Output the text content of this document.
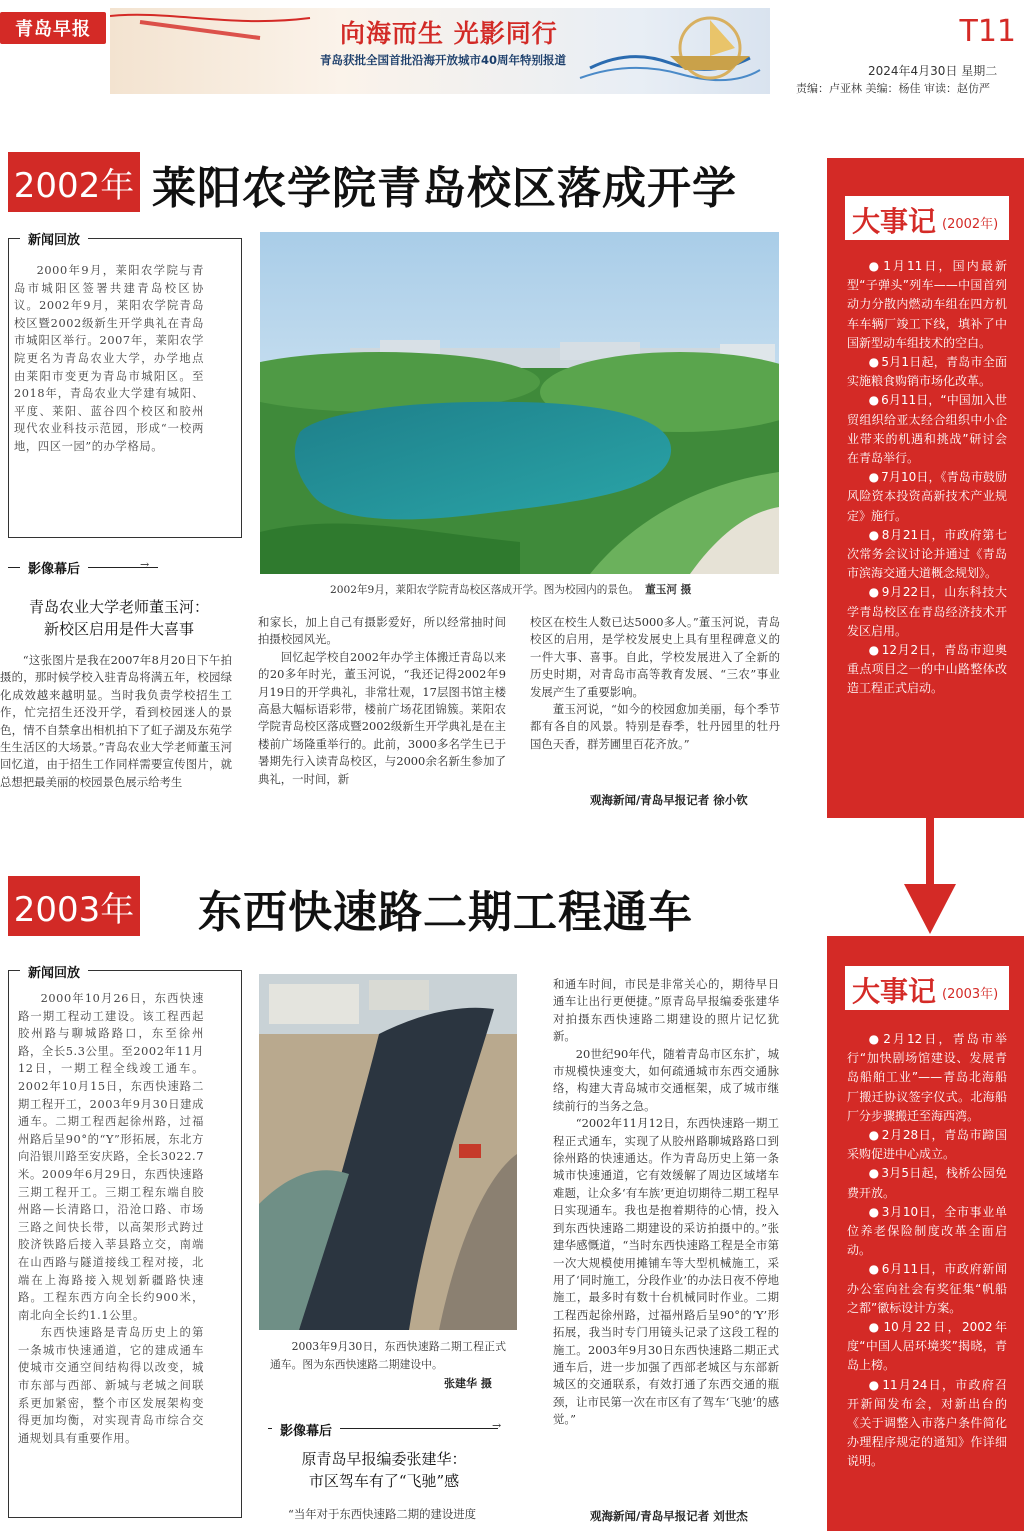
青岛早报	向海而生 光影同行
青岛获批全国首批沿海开放城市40周年特别报道
T11
2024年4月30日 星期二
责编：卢亚林 美编：杨佳 审读：赵仿严
2002年 莱阳农学院青岛校区落成开学
新闻回放
2000年9月，莱阳农学院与青岛市城阳区签署共建青岛校区协议。2002年9月，莱阳农学院青岛校区暨2002级新生开学典礼在青岛市城阳区举行。2007年，莱阳农学院更名为青岛农业大学，办学地点由莱阳市变更为青岛市城阳区。至2018年，青岛农业大学建有城阳、平度、莱阳、蓝谷四个校区和胶州现代农业科技示范园，形成“一校两地，四区一园”的办学格局。
2002年9月，莱阳农学院青岛校区落成开学。图为校园内的景色。 董玉河 摄
影像幕后	→
青岛农业大学老师董玉河：
新校区启用是件大喜事

“这张图片是我在2007年8月20日下午拍摄的，那时候学校入驻青岛将满五年，校园绿化成效越来越明显。当时我负责学校招生工作，忙完招生还没开学，看到校园迷人的景色，情不自禁拿出相机拍下了虹子湖及东苑学生生活区的大场景。”青岛农业大学老师董玉河回忆道，由于招生工作同样需要宣传图片，就总想把最美丽的校园景色展示给考生

和家长，加上自己有摄影爱好，所以经常抽时间拍摄校园风光。

回忆起学校自2002年办学主体搬迁青岛以来的20多年时光，董玉河说，“我还记得2002年9月19日的开学典礼，非常壮观，17层图书馆主楼高悬大幅标语彩带，楼前广场花团锦簇。莱阳农学院青岛校区落成暨2002级新生开学典礼是在主楼前广场隆重举行的。此前，3000多名学生已于暑期先行入读青岛校区，与2000余名新生参加了典礼，一时间，新

校区在校生人数已达5000多人。”董玉河说，青岛校区的启用，是学校发展史上具有里程碑意义的一件大事、喜事。自此，学校发展进入了全新的历史时期，对青岛市高等教育发展、“三农”事业发展产生了重要影响。

董玉河说，“如今的校园愈加美丽，每个季节都有各自的风景。特别是春季，牡丹园里的牡丹国色天香，群芳圃里百花齐放。”

观海新闻/青岛早报记者 徐小钦
大事记 (2002年)

● 1月11日，国内最新型“子弹头”列车——中国首列动力分散内燃动车组在四方机车车辆厂竣工下线，填补了中国新型动车组技术的空白。

● 5月1日起，青岛市全面实施粮食购销市场化改革。

● 6月11日，“中国加入世贸组织给亚太经合组织中小企业带来的机遇和挑战”研讨会在青岛举行。

● 7月10日，《青岛市鼓励风险资本投资高新技术产业规定》施行。

● 8月21日，市政府第七次常务会议讨论并通过《青岛市滨海交通大道概念规划》。

● 9月22日，山东科技大学青岛校区在青岛经济技术开发区启用。

● 12月2日，青岛市迎奥重点项目之一的中山路整体改造工程正式启动。

2003年 东西快速路二期工程通车
新闻回放

2000年10月26日，东西快速路一期工程动工建设。该工程西起胶州路与聊城路路口，东至徐州路，全长5.3公里。至2002年11月12日，一期工程全线竣工通车。2002年10月15日，东西快速路二期工程开工，2003年9月30日建成通车。二期工程西起徐州路，过福州路后呈90°的“Y”形拓展，东北方向沿银川路至安庆路，全长3022.7米。2009年6月29日，东西快速路三期工程开工。三期工程东端自胶州路—长清路口，沿沧口路、市场三路之间快长带，以高架形式跨过胶济铁路后接入莘县路立交，南端在山西路与隧道接线工程对接，北端在上海路接入规划新疆路快速路。工程东西方向全长约900米，南北向全长约1.1公里。

东西快速路是青岛历史上的第一条城市快速通道，它的建成通车使城市交通空间结构得以改变，城市东部与西部、新城与老城之间联系更加紧密，整个市区发展架构变得更加均衡，对实现青岛市综合交通规划具有重要作用。

2003年9月30日，东西快速路二期工程正式通车。图为东西快速路二期建设中。
张建华 摄
影像幕后	→
原青岛早报编委张建华：
市区驾车有了“飞驰”感
“当年对于东西快速路二期的建设进度

和通车时间，市民是非常关心的，期待早日通车让出行更便捷。”原青岛早报编委张建华对拍摄东西快速路二期建设的照片记忆犹新。

20世纪90年代，随着青岛市区东扩，城市规模快速变大，如何疏通城市东西交通脉络，构建大青岛城市交通框架，成了城市继续前行的当务之急。

“2002年11月12日，东西快速路一期工程正式通车，实现了从胶州路聊城路路口到徐州路的快速通达。作为青岛历史上第一条城市快速通道，它有效缓解了周边区域堵车难题，让众多‘有车族’更迫切期待二期工程早日实现通车。我也是抱着期待的心情，投入到东西快速路二期建设的采访拍摄中的。”张建华感慨道，“当时东西快速路工程是全市第一次大规模使用摊铺车等大型机械施工，采用了‘同时施工，分段作业’的办法日夜不停地施工，最多时有数十台机械同时作业。二期工程西起徐州路，过福州路后呈90°的‘Y’形拓展，我当时专门用镜头记录了这段工程的施工。2003年9月30日东西快速路二期正式通车后，进一步加强了西部老城区与东部新城区的交通联系，有效打通了东西交通的瓶颈，让市民第一次在市区有了驾车‘飞驰’的感觉。”

观海新闻/青岛早报记者 刘世杰
大事记 (2003年)

● 2月12日，青岛市举行“加快剧场馆建设、发展青岛船舶工业”——青岛北海船厂搬迁协议签字仪式。北海船厂分步骤搬迁至海西湾。

● 2月28日，青岛市蹄国采购促进中心成立。

● 3月5日起，栈桥公园免费开放。

● 3月10日，全市事业单位养老保险制度改革全面启动。

● 6月11日，市政府新闻办公室向社会有奖征集“帆船之都”徽标设计方案。

● 10月22日，2002年度“中国人居环境奖”揭晓，青岛上榜。

● 11月24日，市政府召开新闻发布会，对新出台的《关于调整入市落户条件简化办理程序规定的通知》作详细说明。
